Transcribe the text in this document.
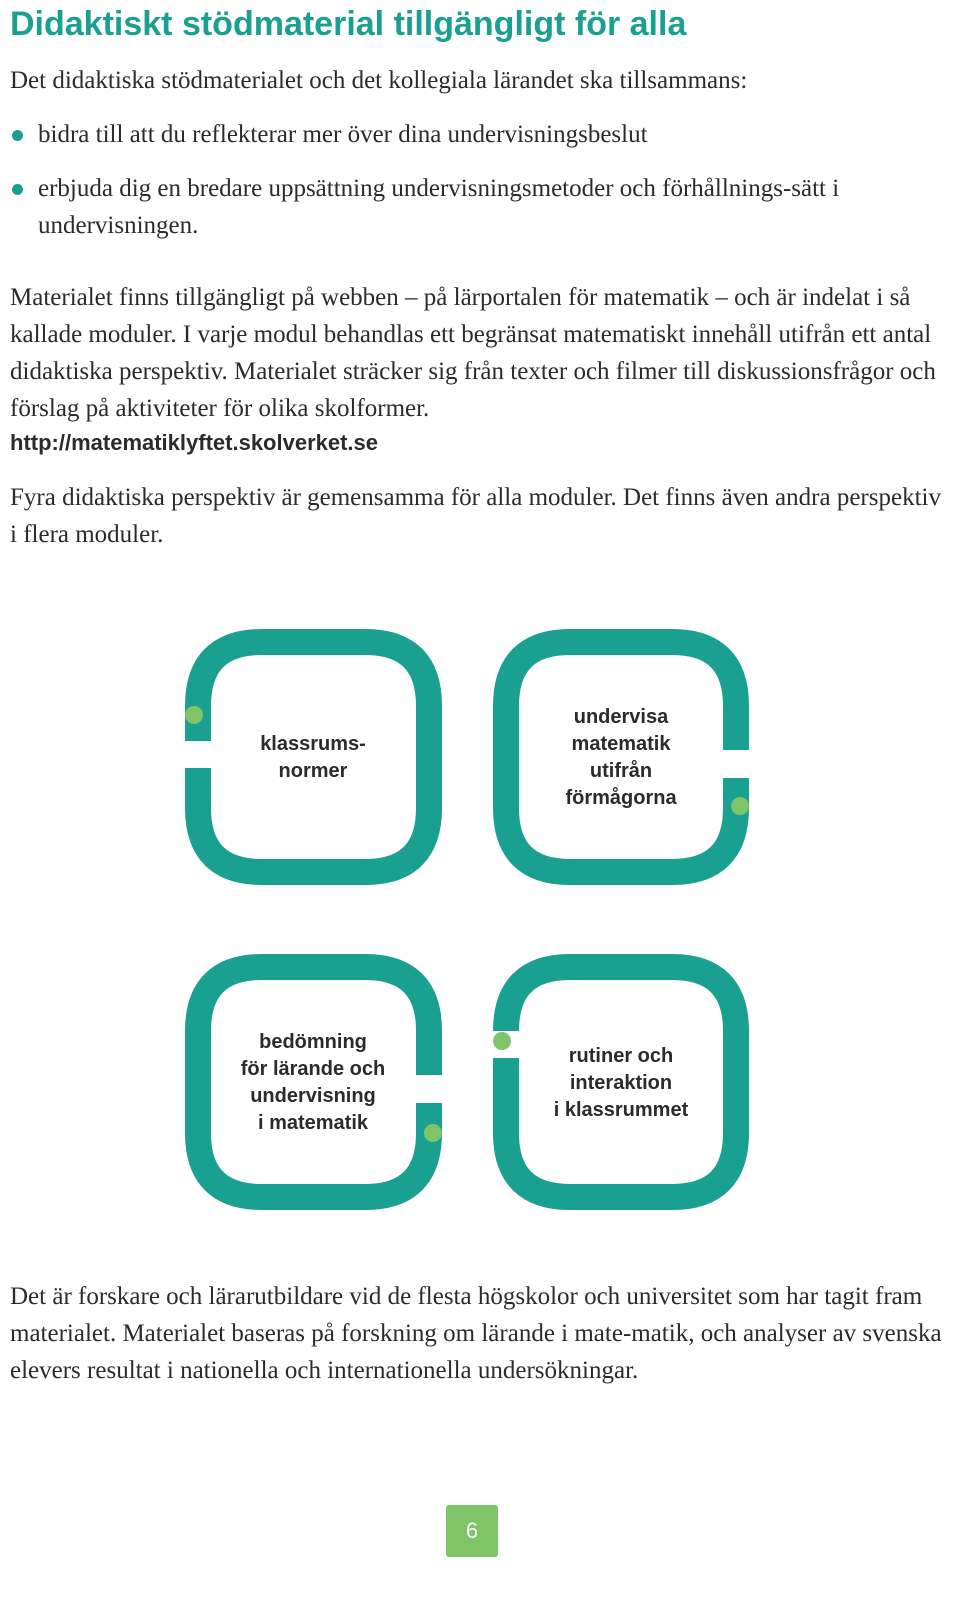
Didaktiskt stödmaterial tillgängligt för alla

Det didaktiska stödmaterialet och det kollegiala lärandet ska tillsammans:

bidra till att du reflekterar mer över dina undervisningsbeslut
erbjuda dig en bredare uppsättning undervisningsmetoder och förhållnings-sätt i undervisningen.

Materialet finns tillgängligt på webben – på lärportalen för matematik – och är indelat i så kallade moduler. I varje modul behandlas ett begränsat matematiskt innehåll utifrån ett antal didaktiska perspektiv. Materialet sträcker sig från texter och filmer till diskussionsfrågor och förslag på aktiviteter för olika skolformer.

http://matematiklyftet.skolverket.se

Fyra didaktiska perspektiv är gemensamma för alla moduler. Det finns även andra perspektiv i flera moduler.

klassrums-
normer
undervisa
matematik
utifrån
förmågorna
bedömning
för lärande och
undervisning
i matematik
rutiner och
interaktion
i klassrummet

Det är forskare och lärarutbildare vid de flesta högskolor och universitet som har tagit fram materialet. Materialet baseras på forskning om lärande i mate-matik, och analyser av svenska elevers resultat i nationella och internationella undersökningar.

6
